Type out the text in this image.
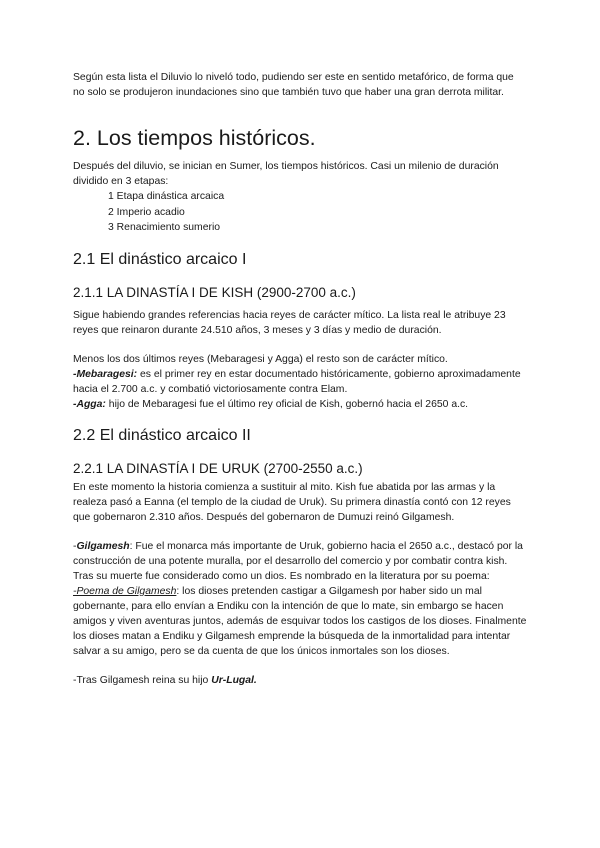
Según esta lista el Diluvio lo niveló todo, pudiendo ser este en sentido metafórico, de forma que no solo se produjeron inundaciones sino que también tuvo que haber una gran derrota militar.

2. Los tiempos históricos.

Después del diluvio, se inician en Sumer, los tiempos históricos. Casi un milenio de duración dividido en 3 etapas:

1 Etapa dinástica arcaica

2 Imperio acadio

3 Renacimiento sumerio

2.1 El dinástico arcaico I
2.1.1 LA DINASTÍA I DE KISH (2900-2700 a.c.)

Sigue habiendo grandes referencias hacia reyes de carácter mítico. La lista real le atribuye 23 reyes que reinaron durante 24.510 años, 3 meses y 3 días y medio de duración.

Menos los dos últimos reyes (Mebaragesi y Agga) el resto son de carácter mítico.

-Mebaragesi: es el primer rey en estar documentado históricamente, gobierno aproximadamente hacia el 2.700 a.c. y combatió victoriosamente contra Elam.

-Agga: hijo de Mebaragesi fue el último rey oficial de Kish, gobernó hacia el 2650 a.c.

2.2 El dinástico arcaico II
2.2.1 LA DINASTÍA I DE URUK (2700-2550 a.c.)

En este momento la historia comienza a sustituir al mito. Kish fue abatida por las armas y la realeza pasó a Eanna (el templo de la ciudad de Uruk). Su primera dinastía contó con 12 reyes que gobernaron 2.310 años. Después del gobernaron de Dumuzi reinó Gilgamesh.

-Gilgamesh: Fue el monarca más importante de Uruk, gobierno hacia el 2650 a.c., destacó por la construcción de una potente muralla, por el desarrollo del comercio y por combatir contra kish. Tras su muerte fue considerado como un dios. Es nombrado en la literatura por su poema:

-Poema de Gilgamesh: los dioses pretenden castigar a Gilgamesh por haber sido un mal gobernante, para ello envían a Endiku con la intención de que lo mate, sin embargo se hacen amigos y viven aventuras juntos, además de esquivar todos los castigos de los dioses. Finalmente los dioses matan a Endiku y Gilgamesh emprende la búsqueda de la inmortalidad para intentar salvar a su amigo, pero se da cuenta de que los únicos inmortales son los dioses.

-Tras Gilgamesh reina su hijo Ur-Lugal.
